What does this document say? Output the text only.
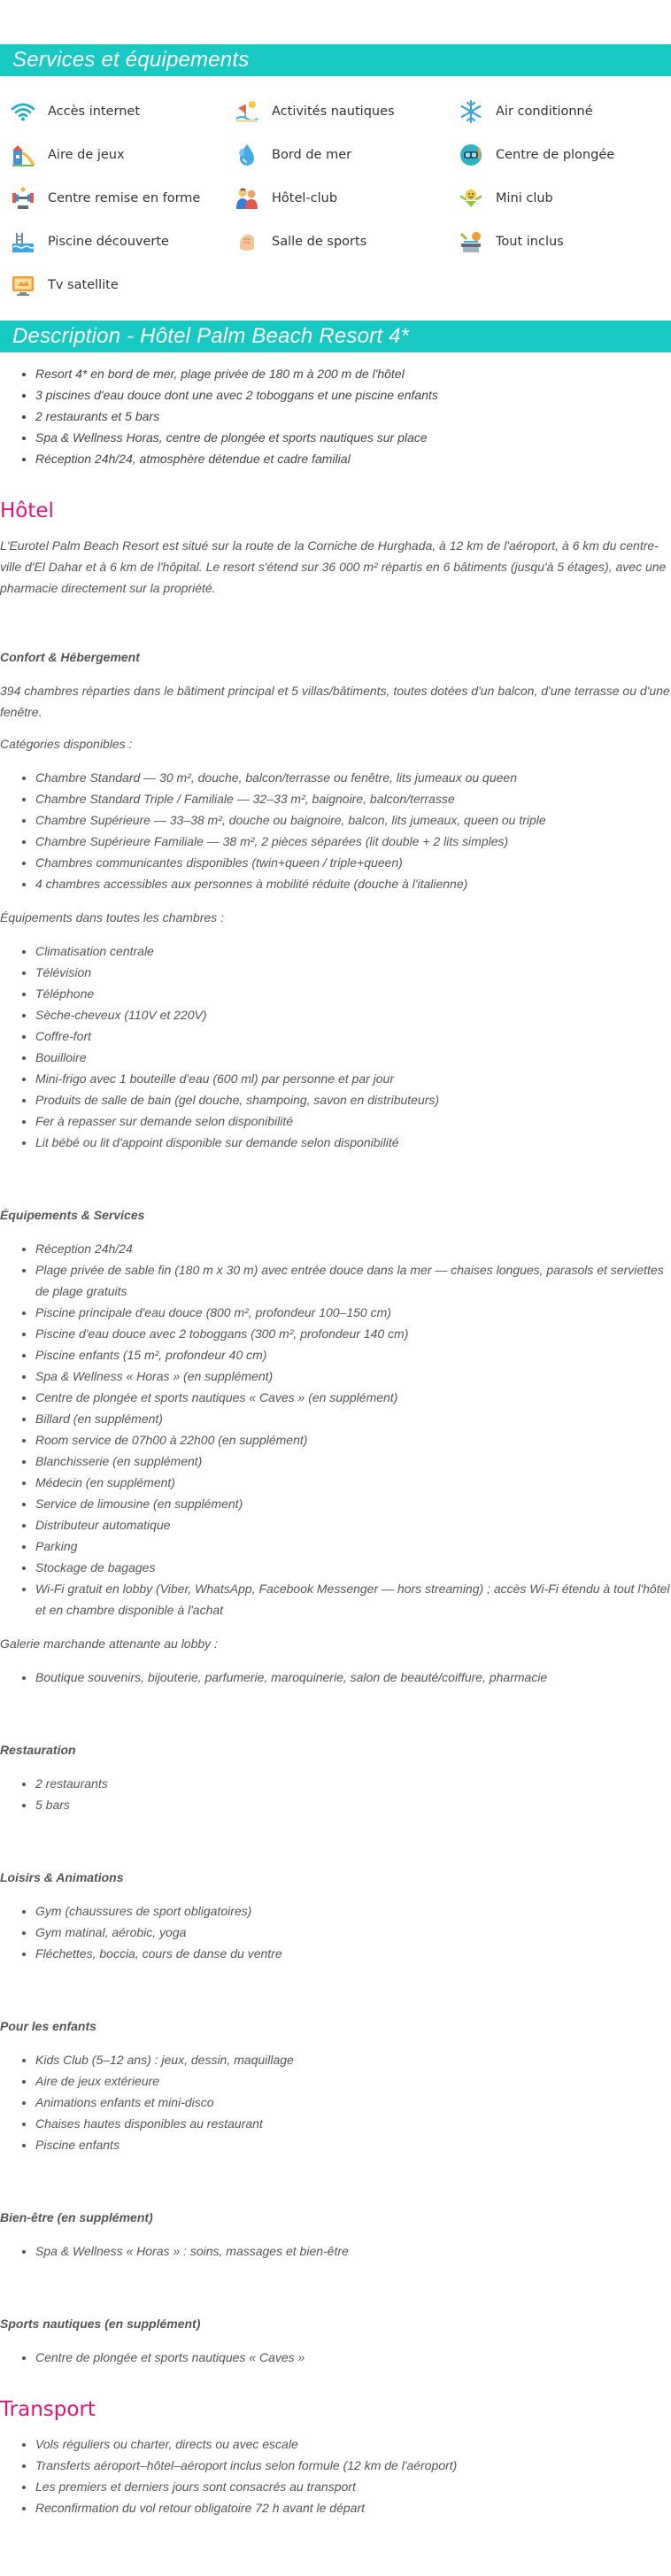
Services et équipements
Accès internet	Activités nautiques	Air conditionné
Aire de jeux	Bord de mer	Centre de plongée
Centre remise en forme	Hôtel-club	Mini club
Piscine découverte	Salle de sports	Tout inclus
Tv satellite
Description - Hôtel Palm Beach Resort 4*
• Resort 4* en bord de mer, plage privée de 180 m à 200 m de l'hôtel
• 3 piscines d'eau douce dont une avec 2 toboggans et une piscine enfants
• 2 restaurants et 5 bars
• Spa & Wellness Horas, centre de plongée et sports nautiques sur place
• Réception 24h/24, atmosphère détendue et cadre familial
Hôtel

L'Eurotel Palm Beach Resort est situé sur la route de la Corniche de Hurghada, à 12 km de l'aéroport, à 6 km du centre-ville d'El Dahar et à 6 km de l'hôpital. Le resort s'étend sur 36 000 m² répartis en 6 bâtiments (jusqu'à 5 étages), avec une pharmacie directement sur la propriété.

Confort & Hébergement

394 chambres réparties dans le bâtiment principal et 5 villas/bâtiments, toutes dotées d'un balcon, d'une terrasse ou d'une fenêtre.

Catégories disponibles :

• Chambre Standard — 30 m², douche, balcon/terrasse ou fenêtre, lits jumeaux ou queen
• Chambre Standard Triple / Familiale — 32–33 m², baignoire, balcon/terrasse
• Chambre Supérieure — 33–38 m², douche ou baignoire, balcon, lits jumeaux, queen ou triple
• Chambre Supérieure Familiale — 38 m², 2 pièces séparées (lit double + 2 lits simples)
• Chambres communicantes disponibles (twin+queen / triple+queen)
• 4 chambres accessibles aux personnes à mobilité réduite (douche à l'italienne)

Équipements dans toutes les chambres :

• Climatisation centrale
• Télévision
• Téléphone
• Sèche-cheveux (110V et 220V)
• Coffre-fort
• Bouilloire
• Mini-frigo avec 1 bouteille d'eau (600 ml) par personne et par jour
• Produits de salle de bain (gel douche, shampoing, savon en distributeurs)
• Fer à repasser sur demande selon disponibilité
• Lit bébé ou lit d'appoint disponible sur demande selon disponibilité
Équipements & Services
• Réception 24h/24
• Plage privée de sable fin (180 m x 30 m) avec entrée douce dans la mer — chaises longues, parasols et serviettes de plage gratuits
• Piscine principale d'eau douce (800 m², profondeur 100–150 cm)
• Piscine d'eau douce avec 2 toboggans (300 m², profondeur 140 cm)
• Piscine enfants (15 m², profondeur 40 cm)
• Spa & Wellness « Horas » (en supplément)
• Centre de plongée et sports nautiques « Caves » (en supplément)
• Billard (en supplément)
• Room service de 07h00 à 22h00 (en supplément)
• Blanchisserie (en supplément)
• Médecin (en supplément)
• Service de limousine (en supplément)
• Distributeur automatique
• Parking
• Stockage de bagages
• Wi-Fi gratuit en lobby (Viber, WhatsApp, Facebook Messenger — hors streaming) ; accès Wi-Fi étendu à tout l'hôtel et en chambre disponible à l'achat

Galerie marchande attenante au lobby :

• Boutique souvenirs, bijouterie, parfumerie, maroquinerie, salon de beauté/coiffure, pharmacie
Restauration
• 2 restaurants
• 5 bars
Loisirs & Animations
• Gym (chaussures de sport obligatoires)
• Gym matinal, aérobic, yoga
• Fléchettes, boccia, cours de danse du ventre
Pour les enfants
• Kids Club (5–12 ans) : jeux, dessin, maquillage
• Aire de jeux extérieure
• Animations enfants et mini-disco
• Chaises hautes disponibles au restaurant
• Piscine enfants
Bien-être (en supplément)
• Spa & Wellness « Horas » : soins, massages et bien-être
Sports nautiques (en supplément)
• Centre de plongée et sports nautiques « Caves »
Transport
• Vols réguliers ou charter, directs ou avec escale
• Transferts aéroport–hôtel–aéroport inclus selon formule (12 km de l'aéroport)
• Les premiers et derniers jours sont consacrés au transport
• Reconfirmation du vol retour obligatoire 72 h avant le départ
